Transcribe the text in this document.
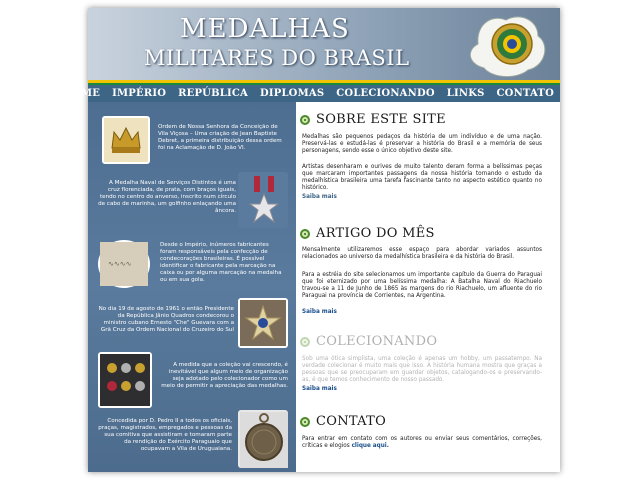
MEDALHAS
MILITARES DO BRASIL
HOME IMPÉRIO REPÚBLICA DIPLOMAS COLECIONANDO LINKS CONTATO
Ordem de Nossa Senhora da Conceição de Vila Viçosa – Uma criação de Jean Baptiste Debret, a primeira distribuição dessa ordem foi na Aclamação de D. João VI.
A Medalha Naval de Serviços Distintos é uma cruz florenciada, de prata, com braços iguais, tendo no centro do anverso, inscrito num círculo de cabo de marinha, um golfinho enlaçando uma âncora.
∿∿∿∿
Desde o Império, inúmeros fabricantes foram responsáveis pela confecção de condecorações brasileiras. É possível identificar o fabricante pela marcação na caixa ou por alguma marcação na medalha ou em sua gola.
No dia 19 de agosto de 1961 o então Presidente da República Jânio Quadros condecorou o ministro cubano Ernesto "Che" Guevara com a Grã Cruz da Ordem Nacional do Cruzeiro do Sul
A medida que a coleção vai crescendo, é inevitável que algum meio de organização seja adotado pelo colecionador como um meio de permitir a apreciação das medalhas.
Concedida por D. Pedro II a todos os oficiais, praças, magistrados, empregados e pessoas da sua comitiva que assistiram e tomaram parte da rendição do Exército Paraguaio que ocupavam a Vila de Uruguaiana.
SOBRE ESTE SITE
Medalhas são pequenos pedaços da história de um indivíduo e de uma nação. Preservá-las e estudá-las é preservar a história do Brasil e a memória de seus personagens, sendo esse o único objetivo deste site.
Artistas desenharam e ourives de muito talento deram forma a belíssimas peças que marcaram importantes passagens da nossa história tornando o estudo da medalhística brasileira uma tarefa fascinante tanto no aspecto estético quanto no histórico.
Saiba mais
ARTIGO DO MÊS
Mensalmente utilizaremos esse espaço para abordar variados assuntos relacionados ao universo da medalhística brasileira e da história do Brasil.
Para a estréia do site selecionamos um importante capítulo da Guerra do Paraguai que foi eternizado por uma belíssima medalha: A Batalha Naval do Riachuelo travou-se a 11 de Junho de 1865 às margens do rio Riachuelo, um afluente do rio Paraguai na província de Corrientes, na Argentina.
Saiba mais
COLECIONANDO
Sob uma ótica simplista, uma coleção é apenas um hobby, um passatempo. Na verdade colecionar é muito mais que isso. A história humana mostra que graças a pessoas que se preocuparam em guardar objetos, catalogando-os e preservando-as, é que temos conhecimento de nosso passado.
Saiba mais
CONTATO
Para entrar em contato com os autores ou enviar seus comentários, correções, críticas e elogios clique aqui.
